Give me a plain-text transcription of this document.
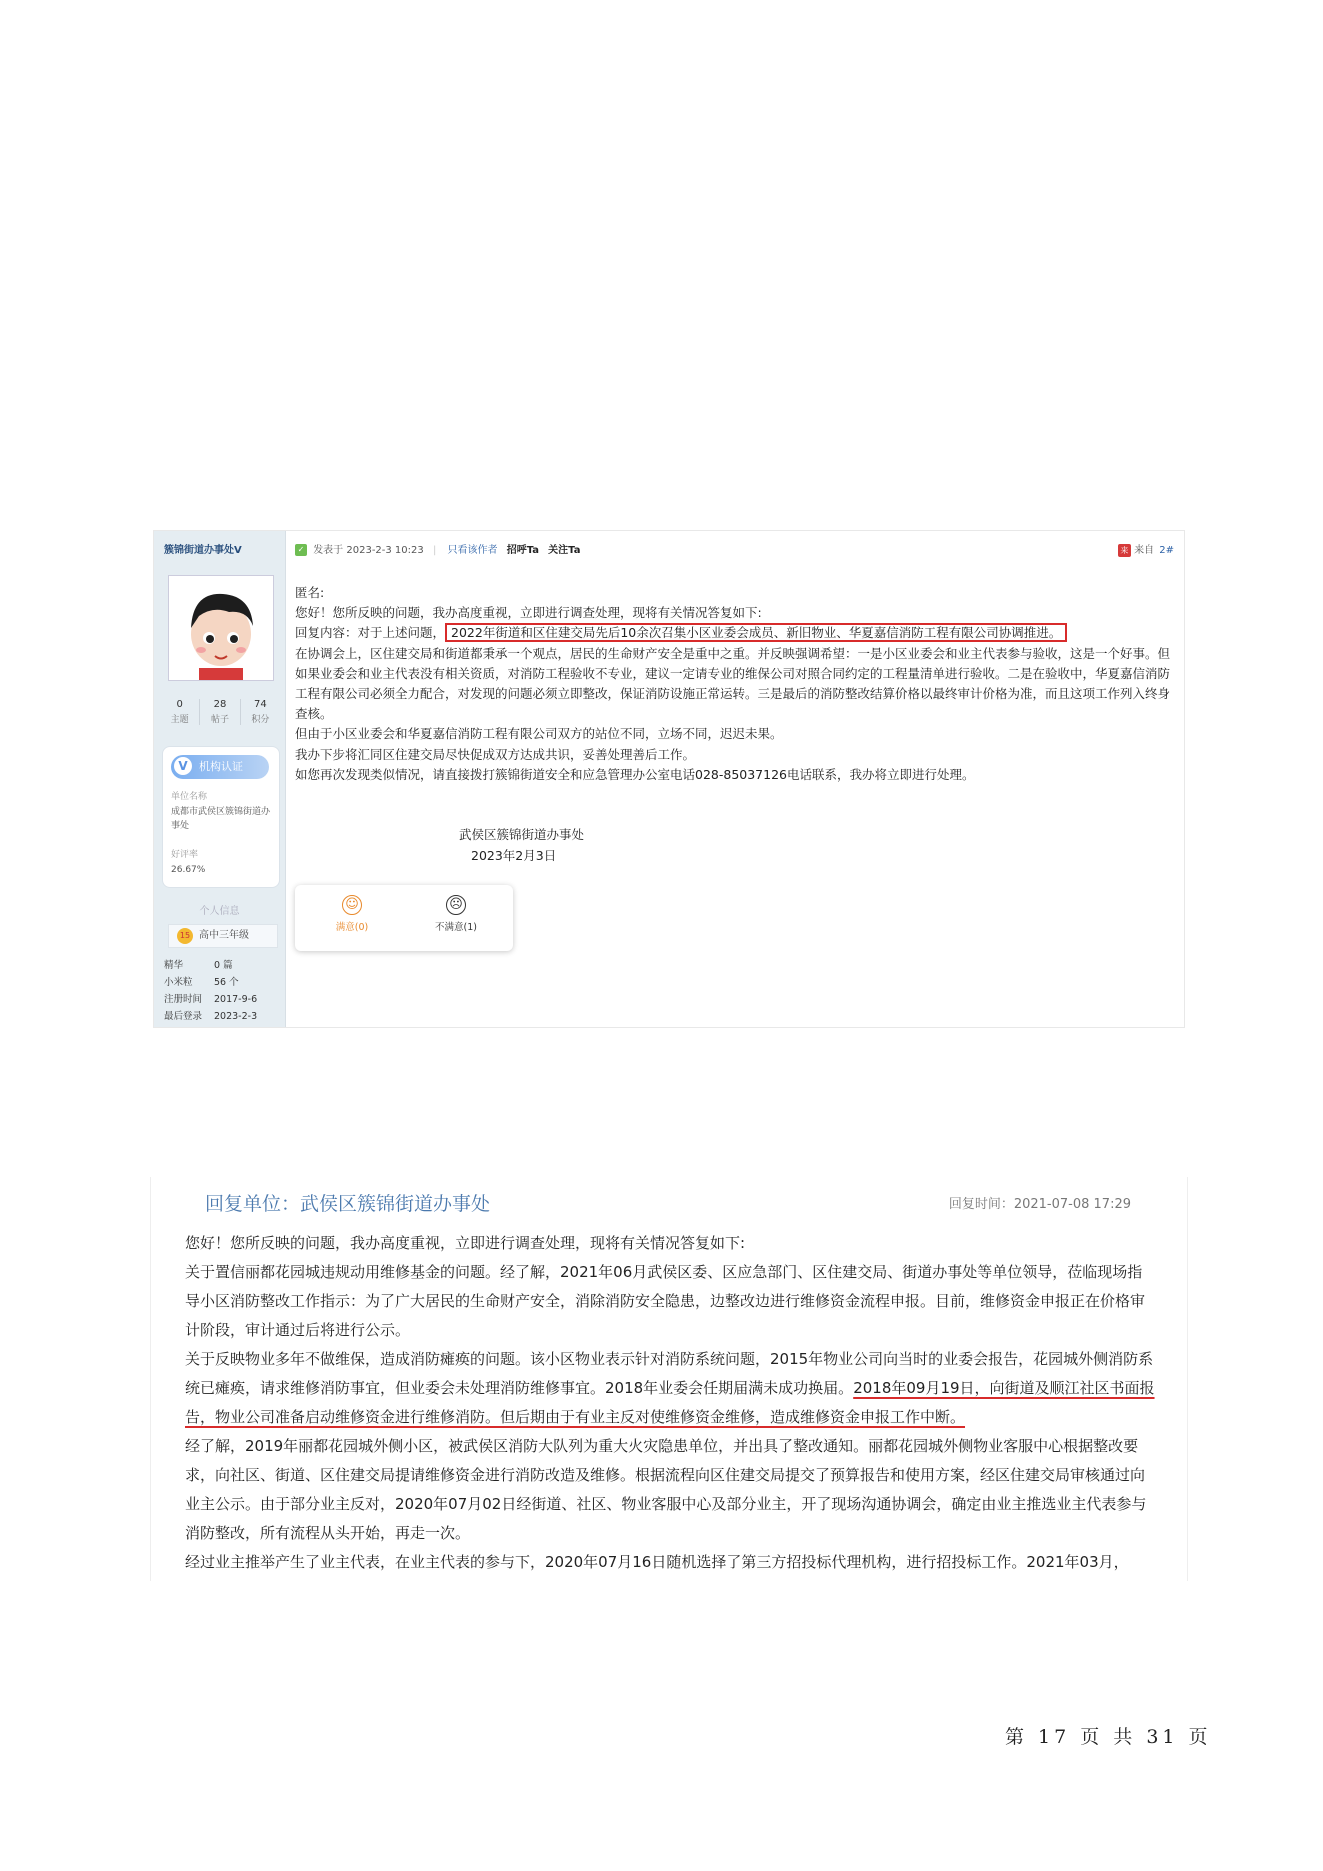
簇锦街道办事处V
0
主题
28
帖子
74
积分
V	机构认证
单位名称
成都市武侯区簇锦街道办事处
好评率
26.67%
个人信息
15 高中三年级
精华	0 篇
小米粒 56 个
注册时间 2017-9-6
最后登录 2023-2-3
✓ 发表于 2023-2-3 10:23 | 只看该作者 招呼Ta 关注Ta	来 来自 2#

匿名:

您好！您所反映的问题，我办高度重视，立即进行调查处理，现将有关情况答复如下:

回复内容：对于上述问题， 2022年街道和区住建交局先后10余次召集小区业委会成员、新旧物业、华夏嘉信消防工程有限公司协调推进。

在协调会上，区住建交局和街道都秉承一个观点，居民的生命财产安全是重中之重。并反映强调希望：一是小区业委会和业主代表参与验收，这是一个好事。但如果业委会和业主代表没有相关资质，对消防工程验收不专业，建议一定请专业的维保公司对照合同约定的工程量清单进行验收。二是在验收中，华夏嘉信消防工程有限公司必须全力配合，对发现的问题必须立即整改，保证消防设施正常运转。三是最后的消防整改结算价格以最终审计价格为准，而且这项工作列入终身查核。

但由于小区业委会和华夏嘉信消防工程有限公司双方的站位不同，立场不同，迟迟未果。

我办下步将汇同区住建交局尽快促成双方达成共识，妥善处理善后工作。

如您再次发现类似情况，请直接拨打簇锦街道安全和应急管理办公室电话028-85037126电话联系，我办将立即进行处理。

武侯区簇锦街道办事处
2023年2月3日
☺
满意(0)
☹
不满意(1)
回复单位：武侯区簇锦街道办事处	回复时间：2021-07-08 17:29

您好！您所反映的问题，我办高度重视，立即进行调查处理，现将有关情况答复如下:

关于置信丽都花园城违规动用维修基金的问题。经了解，2021年06月武侯区委、区应急部门、区住建交局、街道办事处等单位领导，莅临现场指导小区消防整改工作指示：为了广大居民的生命财产安全，消除消防安全隐患，边整改边进行维修资金流程申报。目前，维修资金申报正在价格审计阶段，审计通过后将进行公示。

关于反映物业多年不做维保，造成消防瘫痪的问题。该小区物业表示针对消防系统问题，2015年物业公司向当时的业委会报告，花园城外侧消防系统已瘫痪，请求维修消防事宜，但业委会未处理消防维修事宜。2018年业委会任期届满未成功换届。2018年09月19日，向街道及顺江社区书面报告，物业公司准备启动维修资金进行维修消防。但后期由于有业主反对使维修资金维修，造成维修资金申报工作中断。

经了解，2019年丽都花园城外侧小区，被武侯区消防大队列为重大火灾隐患单位，并出具了整改通知。丽都花园城外侧物业客服中心根据整改要求，向社区、街道、区住建交局提请维修资金进行消防改造及维修。根据流程向区住建交局提交了预算报告和使用方案，经区住建交局审核通过向业主公示。由于部分业主反对，2020年07月02日经街道、社区、物业客服中心及部分业主，开了现场沟通协调会，确定由业主推选业主代表参与消防整改，所有流程从头开始，再走一次。

经过业主推举产生了业主代表，在业主代表的参与下，2020年07月16日随机选择了第三方招投标代理机构，进行招投标工作。2021年03月，

第 17 页 共 31 页
